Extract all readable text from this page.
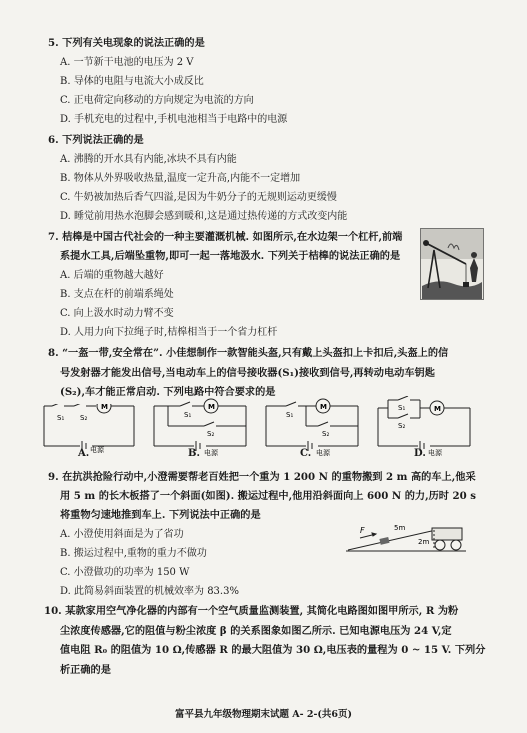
5. 下列有关电现象的说法正确的是
A. 一节新干电池的电压为 2 V
B. 导体的电阻与电流大小成反比
C. 正电荷定向移动的方向规定为电流的方向
D. 手机充电的过程中,手机电池相当于电路中的电源
6. 下列说法正确的是
A. 沸腾的开水具有内能,冰块不具有内能
B. 物体从外界吸收热量,温度一定升高,内能不一定增加
C. 牛奶被加热后香气四溢,是因为牛奶分子的无规则运动更缓慢
D. 睡觉前用热水泡脚会感到暖和,这是通过热传递的方式改变内能
7. 桔槔是中国古代社会的一种主要灌溉机械. 如图所示,在水边架一个杠杆,前端
系提水工具,后端坠重物,即可一起一落地汲水. 下列关于桔槔的说法正确的是
A. 后端的重物越大越好
B. 支点在杆的前端系绳处
C. 向上汲水时动力臂不变
D. 人用力向下拉绳子时,桔槔相当于一个省力杠杆
8. “一盔一带,安全常在”. 小佳想制作一款智能头盔,只有戴上头盔扣上卡扣后,头盔上的信
号发射器才能发出信号,当电动车上的信号接收器(S₁)接收到信号,再转动电动车钥匙
(S₂),车才能正常启动. 下列电路中符合要求的是
S₁ S₂
M
电源
S₁
S₂
M
电源
S₁
S₂
M
电源
S₁
S₂
M
电源
A.	B.	C.	D.
9. 在抗洪抢险行动中,小澄需要帮老百姓把一个重为 1 200 N 的重物搬到 2 m 高的车上,他采
用 5 m 的长木板搭了一个斜面(如图). 搬运过程中,他用沿斜面向上 600 N 的力,历时 20 s
将重物匀速地推到车上. 下列说法中正确的是
A. 小澄使用斜面是为了省功
B. 搬运过程中,重物的重力不做功
C. 小澄做功的功率为 150 W
D. 此简易斜面装置的机械效率为 83.3%
F	5m
2m
10. 某款家用空气净化器的内部有一个空气质量监测装置, 其简化电路图如图甲所示, R 为粉
尘浓度传感器,它的阻值与粉尘浓度 β 的关系图象如图乙所示. 已知电源电压为 24 V,定
值电阻 R₀ 的阻值为 10 Ω,传感器 R 的最大阻值为 30 Ω,电压表的量程为 0 ~ 15 V. 下列分
析正确的是
富平县九年级物理期末试题 A- 2-(共6页)
